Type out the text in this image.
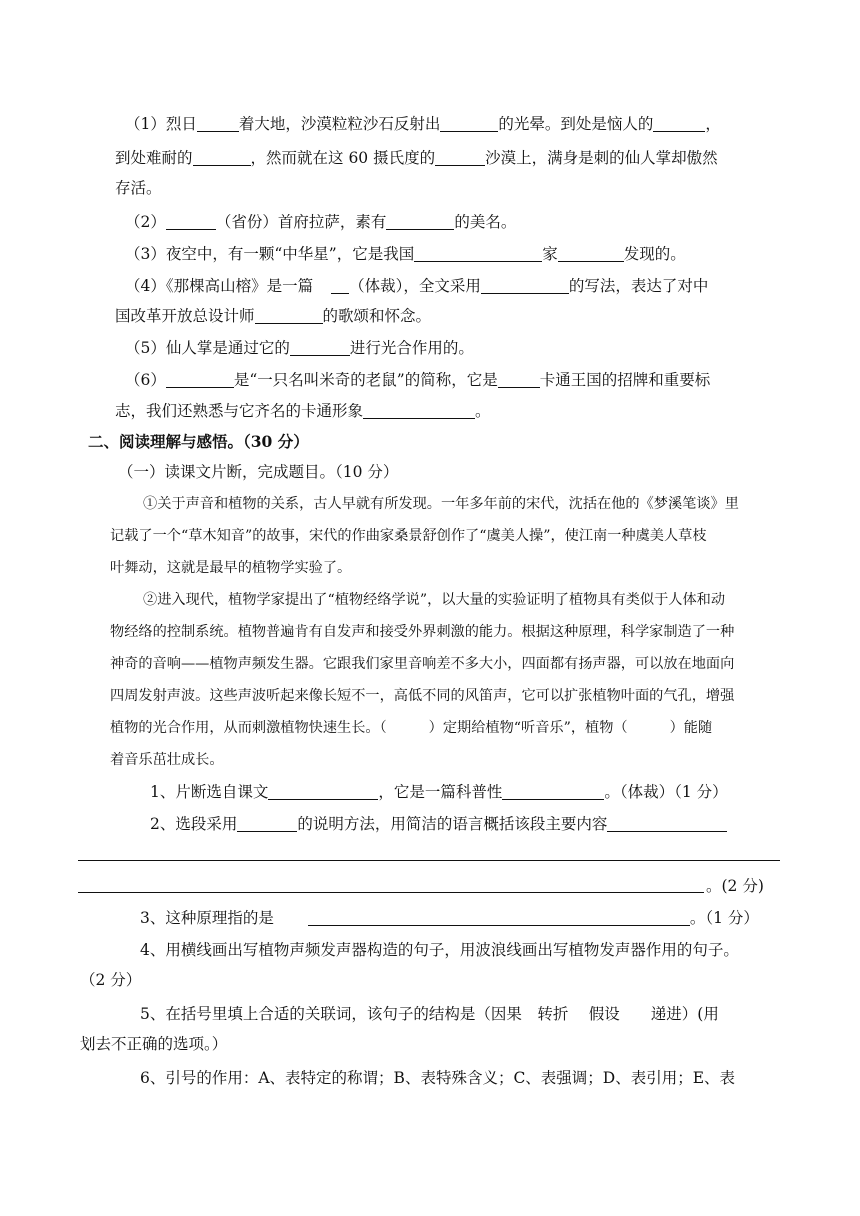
（1）烈日	着大地，沙漠粒粒沙石反射出	的光晕。到处是恼人的	，
到处难耐的	，然而就在这 60 摄氏度的	沙漠上，满身是刺的仙人掌却傲然
存活。
（2）	（省份）首府拉萨，素有	的美名。
（3）夜空中，有一颗“中华星”，它是我国	家	发现的。
（4）《那棵高山榕》是一篇 （体裁），全文采用	的写法，表达了对中
国改革开放总设计师	的歌颂和怀念。
（5）仙人掌是通过它的	进行光合作用的。
（6）	是“一只名叫米奇的老鼠”的简称，它是	卡通王国的招牌和重要标
志，我们还熟悉与它齐名的卡通形象	。
二、阅读理解与感悟。（30 分）
（一）读课文片断，完成题目。（10 分）
①关于声音和植物的关系，古人早就有所发现。一年多年前的宋代，沈括在他的《梦溪笔谈》里
记载了一个“草木知音”的故事，宋代的作曲家桑景舒创作了“虞美人操”，使江南一种虞美人草枝
叶舞动，这就是最早的植物学实验了。
②进入现代，植物学家提出了“植物经络学说”，以大量的实验证明了植物具有类似于人体和动
物经络的控制系统。植物普遍肯有自发声和接受外界刺激的能力。根据这种原理，科学家制造了一种
神奇的音响——植物声频发生器。它跟我们家里音响差不多大小，四面都有扬声器，可以放在地面向
四周发射声波。这些声波听起来像长短不一，高低不同的风笛声，它可以扩张植物叶面的气孔，增强
植物的光合作用，从而刺激植物快速生长。（	）定期给植物“听音乐”，植物（	）能随
着音乐茁壮成长。
1、片断选自课文	，它是一篇科普性	。（体裁）（1 分）
2、选段采用	的说明方法，用简洁的语言概括该段主要内容
。(2 分)
3、这种原理指的是	。（1 分）
4、用横线画出写植物声频发声器构造的句子，用波浪线画出写植物发声器作用的句子。
（2 分）
5、在括号里填上合适的关联词，该句子的结构是（因果　转折　 假设　　递进）(用
划去不正确的选项。）
6、引号的作用：A、表特定的称谓；B、表特殊含义；C、表强调；D、表引用；E、表
